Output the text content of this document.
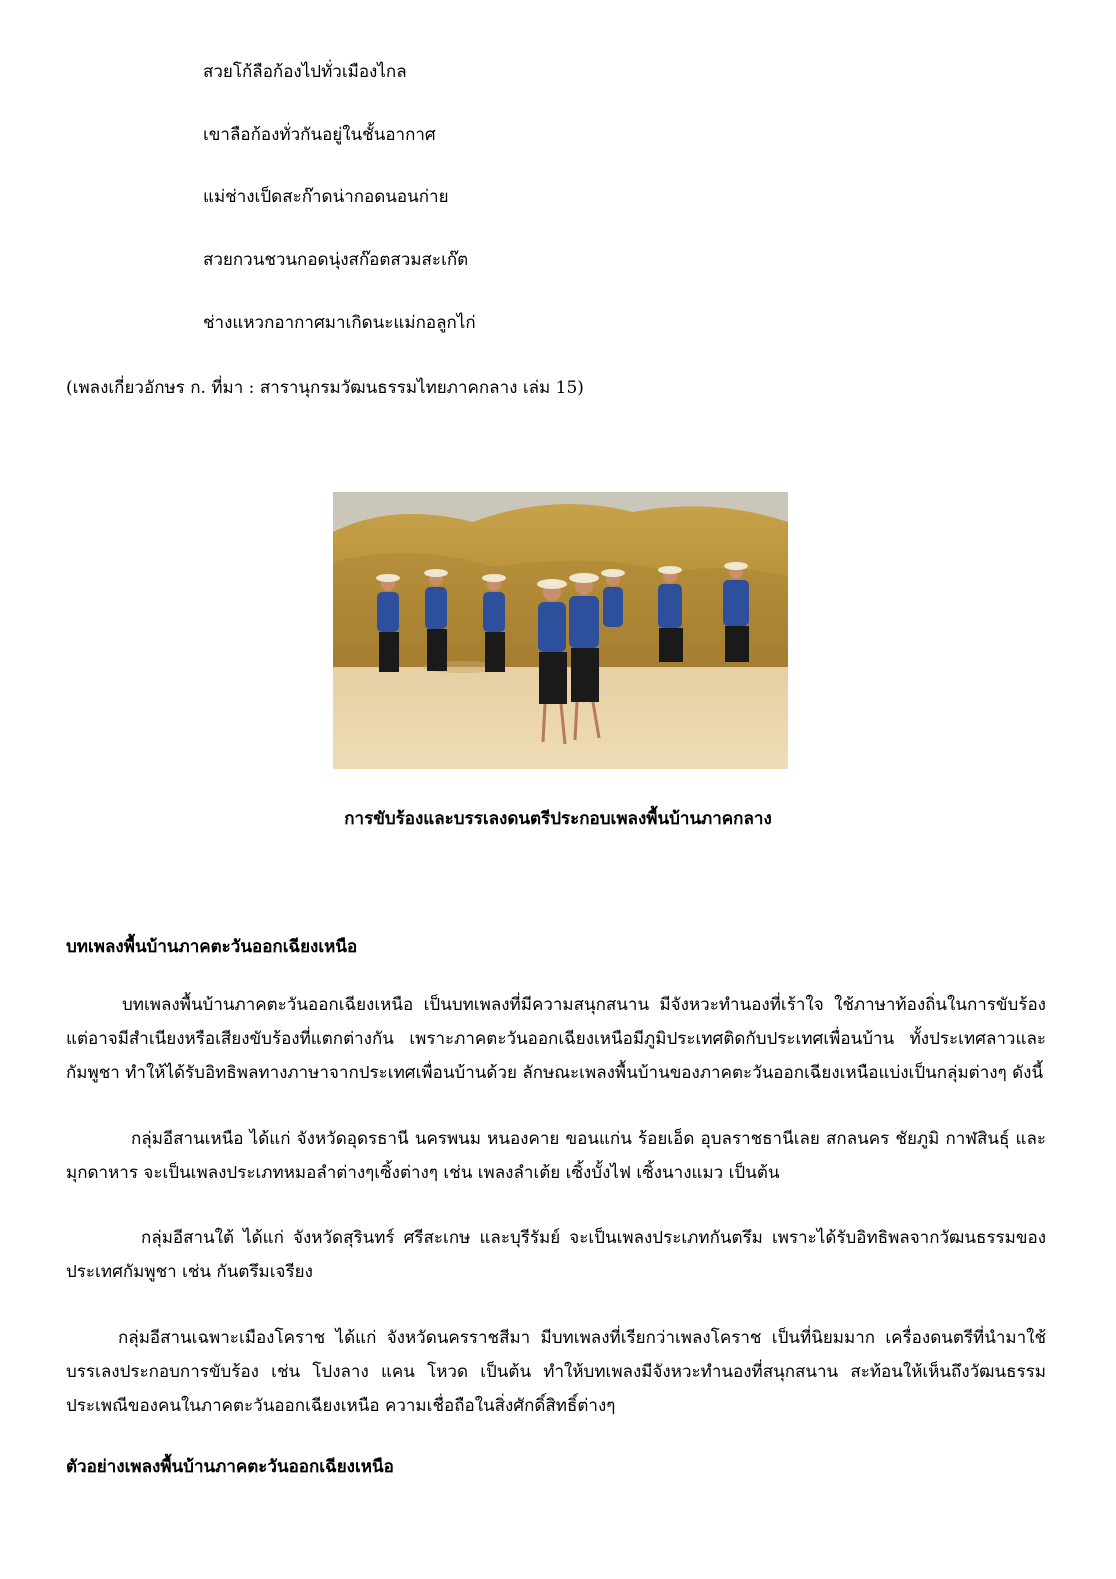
สวยโก้ลือก้องไปทั่วเมืองไกล
เขาลือก้องทั่วกันอยู่ในชั้นอากาศ
แม่ช่างเป็ดสะก๊าดน่ากอดนอนก่าย
สวยกวนชวนกอดนุ่งสก๊อตสวมสะเก๊ต
ช่างแหวกอากาศมาเกิดนะแม่กอลูกไก่
(เพลงเกี่ยวอักษร ก. ที่มา : สารานุกรมวัฒนธรรมไทยภาคกลาง เล่ม 15)
การขับร้องและบรรเลงดนตรีประกอบเพลงพื้นบ้านภาคกลาง
บทเพลงพื้นบ้านภาคตะวันออกเฉียงเหนือ
บทเพลงพื้นบ้านภาคตะวันออกเฉียงเหนือ เป็นบทเพลงที่มีความสนุกสนาน มีจังหวะทำนองที่เร้าใจ ใช้ภาษาท้องถิ่นในการขับร้องแต่อาจมีสำเนียงหรือเสียงขับร้องที่แตกต่างกัน เพราะภาคตะวันออกเฉียงเหนือมีภูมิประเทศติดกับประเทศเพื่อนบ้าน ทั้งประเทศลาวและกัมพูชา ทำให้ได้รับอิทธิพลทางภาษาจากประเทศเพื่อนบ้านด้วย ลักษณะเพลงพื้นบ้านของภาคตะวันออกเฉียงเหนือแบ่งเป็นกลุ่มต่างๆ ดังนี้
กลุ่มอีสานเหนือ ได้แก่ จังหวัดอุดรธานี นครพนม หนองคาย ขอนแก่น ร้อยเอ็ด อุบลราชธานีเลย สกลนคร ชัยภูมิ กาฬสินธุ์ และมุกดาหาร จะเป็นเพลงประเภทหมอลำต่างๆเซิ้งต่างๆ เช่น เพลงลำเต้ย เซิ้งบั้งไฟ เซิ้งนางแมว เป็นต้น
กลุ่มอีสานใต้ ได้แก่ จังหวัดสุรินทร์ ศรีสะเกษ และบุรีรัมย์ จะเป็นเพลงประเภทกันตรึม เพราะได้รับอิทธิพลจากวัฒนธรรมของประเทศกัมพูชา เช่น กันตรึมเจรียง
กลุ่มอีสานเฉพาะเมืองโคราช ได้แก่ จังหวัดนครราชสีมา มีบทเพลงที่เรียกว่าเพลงโคราช เป็นที่นิยมมาก เครื่องดนตรีที่นำมาใช้บรรเลงประกอบการขับร้อง เช่น โปงลาง แคน โหวด เป็นต้น ทำให้บทเพลงมีจังหวะทำนองที่สนุกสนาน สะท้อนให้เห็นถึงวัฒนธรรม ประเพณีของคนในภาคตะวันออกเฉียงเหนือ ความเชื่อถือในสิ่งศักดิ์สิทธิ์ต่างๆ
ตัวอย่างเพลงพื้นบ้านภาคตะวันออกเฉียงเหนือ
